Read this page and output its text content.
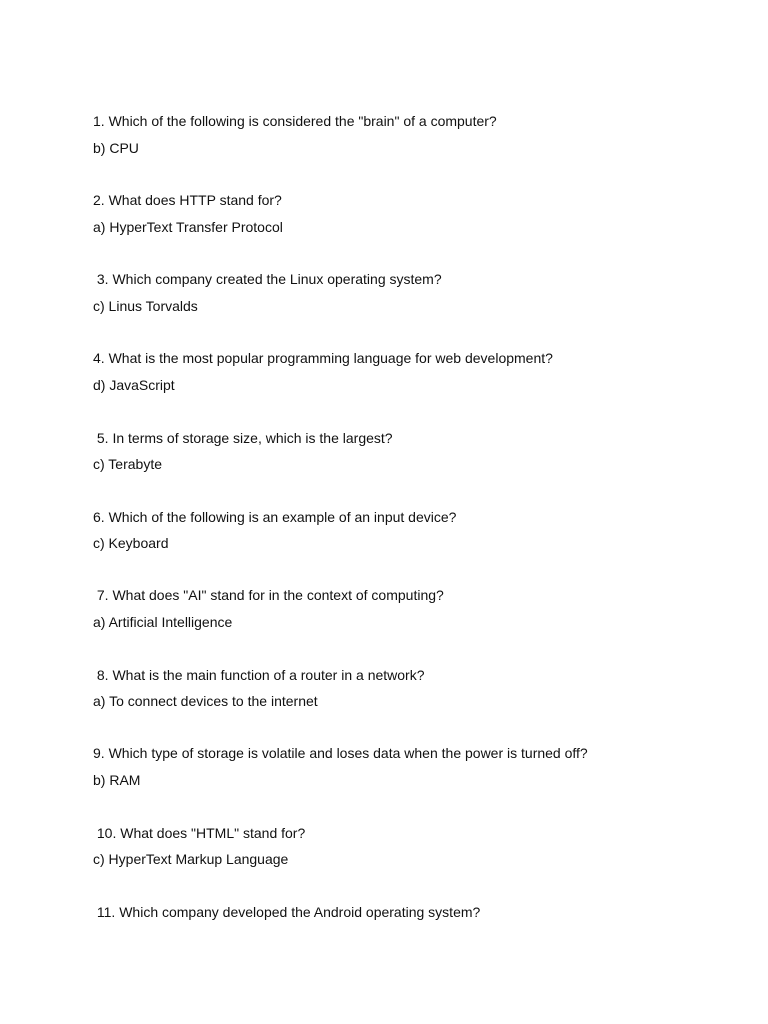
1. Which of the following is considered the "brain" of a computer?

b) CPU

2. What does HTTP stand for?

a) HyperText Transfer Protocol

3. Which company created the Linux operating system?

c) Linus Torvalds

4. What is the most popular programming language for web development?

d) JavaScript

5. In terms of storage size, which is the largest?

c) Terabyte

6. Which of the following is an example of an input device?

c) Keyboard

7. What does "AI" stand for in the context of computing?

a) Artificial Intelligence

8. What is the main function of a router in a network?

a) To connect devices to the internet

9. Which type of storage is volatile and loses data when the power is turned off?

b) RAM

10. What does "HTML" stand for?

c) HyperText Markup Language

11. Which company developed the Android operating system?
